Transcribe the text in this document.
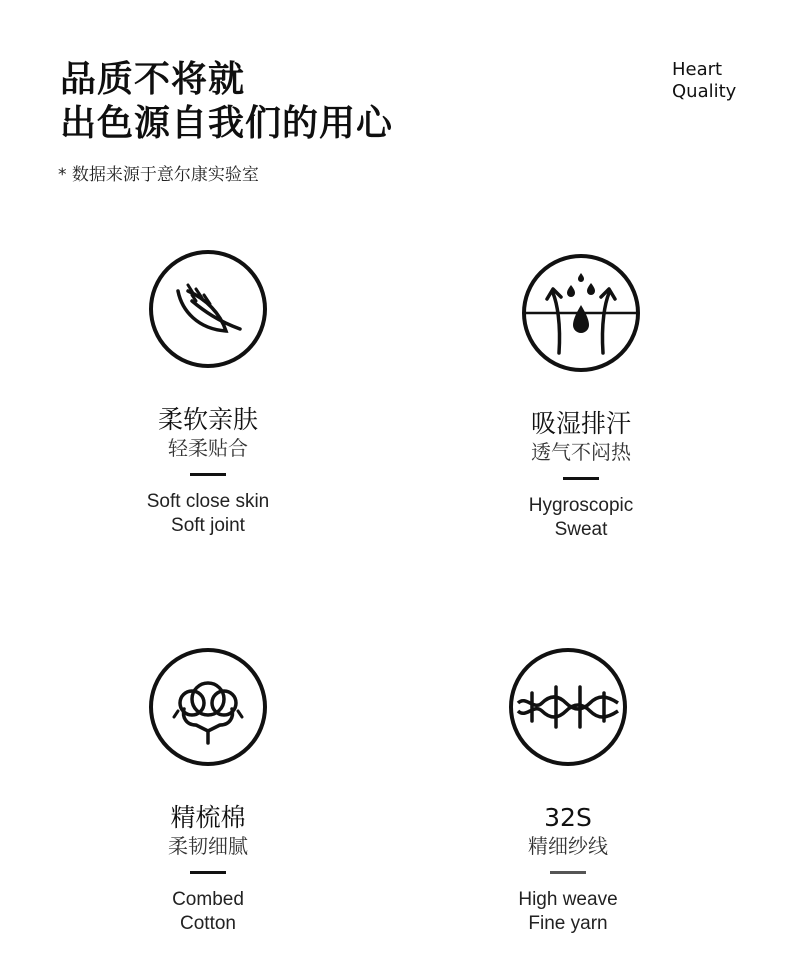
品质不将就
出色源自我们的用心
* 数据来源于意尔康实验室
Heart
Quality
柔软亲肤
轻柔贴合
Soft close skin
Soft joint
吸湿排汗
透气不闷热
Hygroscopic
Sweat
精梳棉
柔韧细腻
Combed
Cotton
32S
精细纱线
High weave
Fine yarn
